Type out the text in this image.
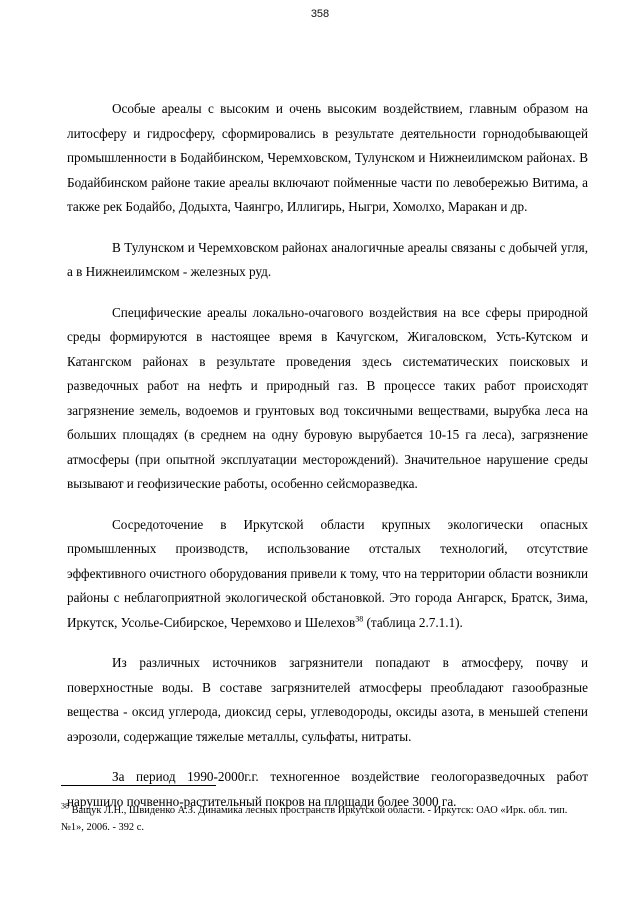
358

Особые ареалы с высоким и очень высоким воздействием, главным образом на литосферу и гидросферу, сформировались в результате деятельности горнодобывающей промышленности в Бодайбинском, Черемховском, Тулунском и Нижнеилимском районах. В Бодайбинском районе такие ареалы включают пойменные части по левобережью Витима, а также рек Бодайбо, Додыхта, Чаянгро, Иллигирь, Ныгри, Хомолхо, Маракан и др.

В Тулунском и Черемховском районах аналогичные ареалы связаны с добычей угля, а в Нижнеилимском - железных руд.

Специфические ареалы локально-очагового воздействия на все сферы природной среды формируются в настоящее время в Качугском, Жигаловском, Усть-Кутском и Катангском районах в результате проведения здесь систематических поисковых и разведочных работ на нефть и природный газ. В процессе таких работ происходят загрязнение земель, водоемов и грунтовых вод токсичными веществами, вырубка леса на больших площадях (в среднем на одну буровую вырубается 10-15 га леса), загрязнение атмосферы (при опытной эксплуатации месторождений). Значительное нарушение среды вызывают и геофизические работы, особенно сейсморазведка.

Сосредоточение в Иркутской области крупных экологически опасных промышленных производств, использование отсталых технологий, отсутствие эффективного очистного оборудования привели к тому, что на территории области возникли районы с неблагоприятной экологической обстановкой. Это города Ангарск, Братск, Зима, Иркутск, Усолье-Сибирское, Черемхово и Шелехов$^{38}$ (таблица 2.7.1.1).

Из различных источников загрязнители попадают в атмосферу, почву и поверхностные воды. В составе загрязнителей атмосферы преобладают газообразные вещества - оксид углерода, диоксид серы, углеводороды, оксиды азота, в меньшей степени аэрозоли, содержащие тяжелые металлы, сульфаты, нитраты.

За период 1990-2000г.г. техногенное воздействие геологоразведочных работ нарушило почвенно-растительный покров на площади более 3000 га.

$^{38}$ Ващук Л.Н., Швиденко А.З. Динамика лесных пространств Иркутской области. - Иркутск: ОАО «Ирк. обл. тип. №1», 2006. - 392 с.
